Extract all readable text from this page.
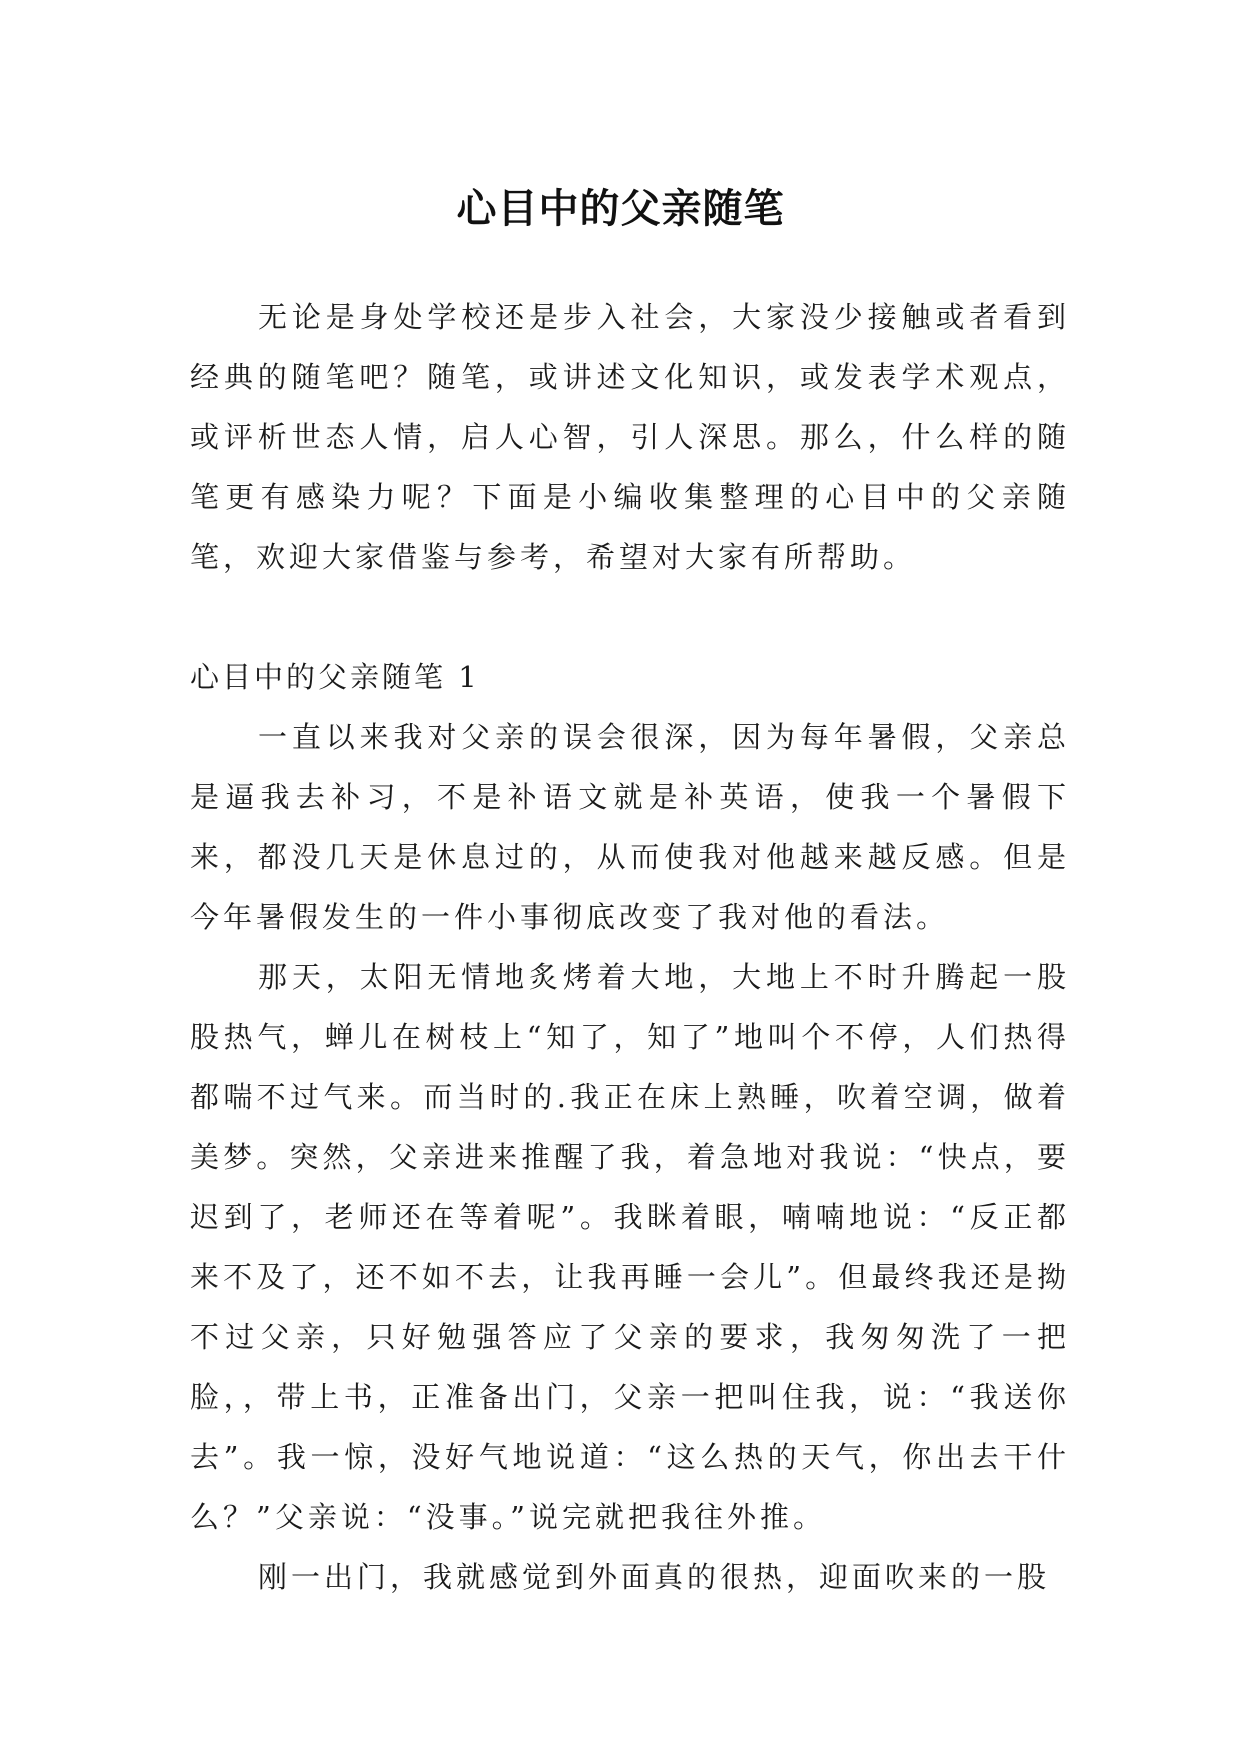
心目中的父亲随笔

无论是身处学校还是步入社会，大家没少接触或者看到经典的随笔吧？随笔，或讲述文化知识，或发表学术观点，或评析世态人情，启人心智，引人深思。那么，什么样的随笔更有感染力呢？下面是小编收集整理的心目中的父亲随笔，欢迎大家借鉴与参考，希望对大家有所帮助。

心目中的父亲随笔 1

一直以来我对父亲的误会很深，因为每年暑假，父亲总是逼我去补习，不是补语文就是补英语，使我一个暑假下来，都没几天是休息过的，从而使我对他越来越反感。但是今年暑假发生的一件小事彻底改变了我对他的看法。

那天，太阳无情地炙烤着大地，大地上不时升腾起一股股热气，蝉儿在树枝上“知了，知了”地叫个不停，人们热得都喘不过气来。而当时的.我正在床上熟睡，吹着空调，做着美梦。突然，父亲进来推醒了我，着急地对我说：“快点，要迟到了，老师还在等着呢”。我眯着眼，喃喃地说：“反正都来不及了，还不如不去，让我再睡一会儿”。但最终我还是拗不过父亲，只好勉强答应了父亲的要求，我匆匆洗了一把脸，，带上书，正准备出门，父亲一把叫住我，说：“我送你去”。我一惊，没好气地说道：“这么热的天气，你出去干什么？”父亲说：“没事。”说完就把我往外推。

刚一出门，我就感觉到外面真的很热，迎面吹来的一股
